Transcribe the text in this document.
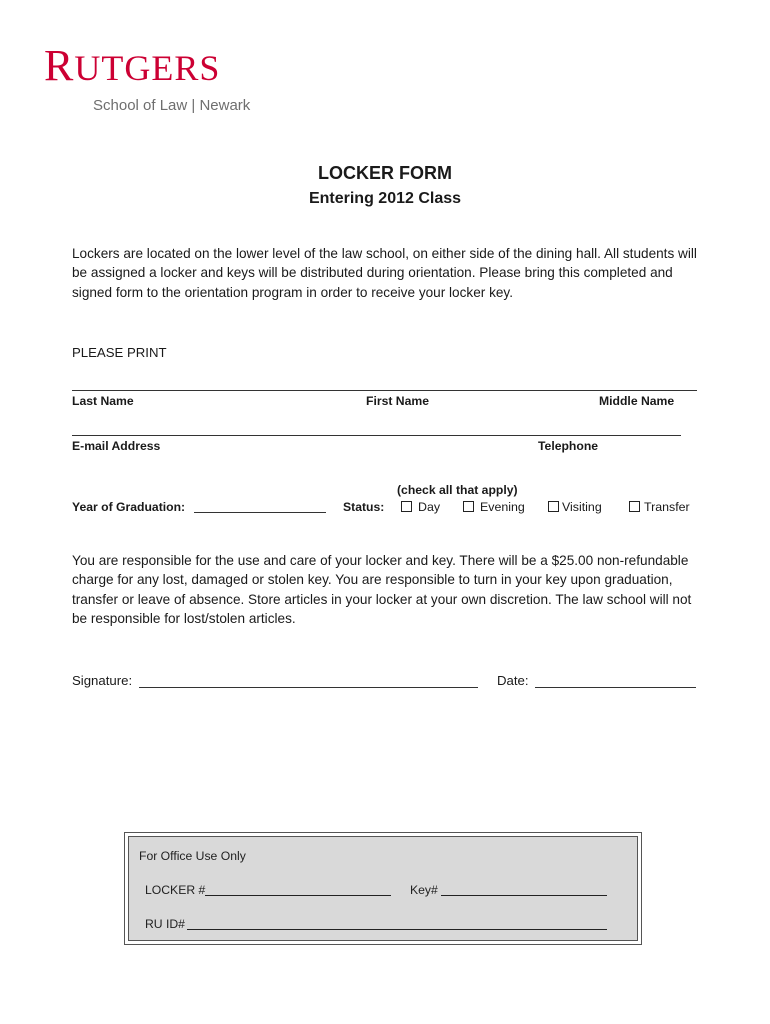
RUTGERS
School of Law | Newark
LOCKER FORM
Entering 2012 Class
Lockers are located on the lower level of the law school, on either side of the dining hall. All students will be assigned a locker and keys will be distributed during orientation. Please bring this completed and signed form to the orientation program in order to receive your locker key.
PLEASE PRINT
Last Name	First Name	Middle Name
E-mail Address	Telephone
(check all that apply)
Year of Graduation:	Status:	Day	Evening	Visiting	Transfer
You are responsible for the use and care of your locker and key. There will be a $25.00 non-refundable charge for any lost, damaged or stolen key. You are responsible to turn in your key upon graduation, transfer or leave of absence. Store articles in your locker at your own discretion. The law school will not be responsible for lost/stolen articles.
Signature:	Date:
For Office Use Only
LOCKER #	Key#
RU ID#
